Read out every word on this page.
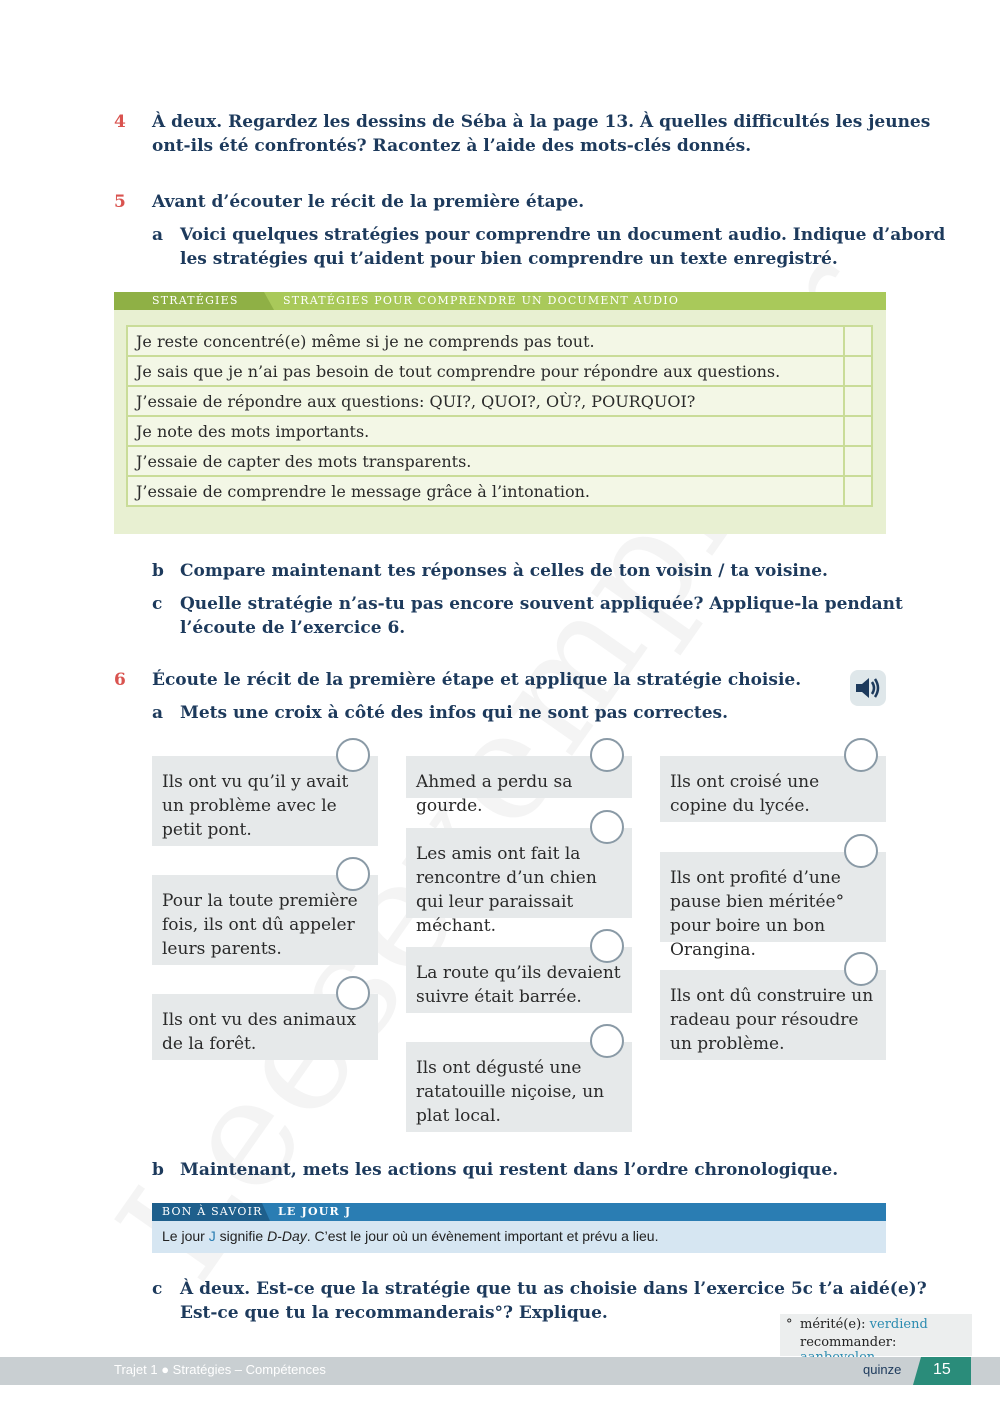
4 À deux. Regardez les dessins de Séba à la page 13. À quelles difficultés les jeunes
ont-ils été confrontés? Racontez à l’aide des mots-clés donnés.
5 Avant d’écouter le récit de la première étape.
a Voici quelques stratégies pour comprendre un document audio. Indique d’abord
les stratégies qui t’aident pour bien comprendre un texte enregistré.
STRATÉGIES	STRATÉGIES POUR COMPRENDRE UN DOCUMENT AUDIO
Je reste concentré(e) même si je ne comprends pas tout.	
Je sais que je n’ai pas besoin de tout comprendre pour répondre aux questions.	
J’essaie de répondre aux questions: QUI?, QUOI?, OÙ?, POURQUOI?	
Je note des mots importants.	
J’essaie de capter des mots transparents.	
J’essaie de comprendre le message grâce à l’intonation.	
b Compare maintenant tes réponses à celles de ton voisin / ta voisine.
c Quelle stratégie n’as-tu pas encore souvent appliquée? Applique-la pendant
l’écoute de l’exercice 6.
6 Écoute le récit de la première étape et applique la stratégie choisie.
a Mets une croix à côté des infos qui ne sont pas correctes.
Ils ont vu qu’il y avait un problème avec le petit pont.
Pour la toute première fois, ils ont dû appeler leurs parents.
Ils ont vu des animaux de la forêt.
Ahmed a perdu sa gourde.
Les amis ont fait la rencontre d’un chien qui leur paraissait méchant.
La route qu’ils devaient suivre était barrée.
Ils ont dégusté une ratatouille niçoise, un plat local.
Ils ont croisé une copine du lycée.
Ils ont profité d’une pause bien méritée° pour boire un bon Orangina.
Ils ont dû construire un radeau pour résoudre un problème.
b Maintenant, mets les actions qui restent dans l’ordre chronologique.
BON À SAVOIR LE JOUR J
Le jour J signifie D-Day. C’est le jour où un évènement important et prévu a lieu.
c À deux. Est-ce que la stratégie que tu as choisie dans l’exercice 5c t’a aidé(e)?
Est-ce que tu la recommanderais°? Explique.
° mérité(e): verdiend
recommander:
Trajet 1 ● Stratégies – Compétences	quinze 15
